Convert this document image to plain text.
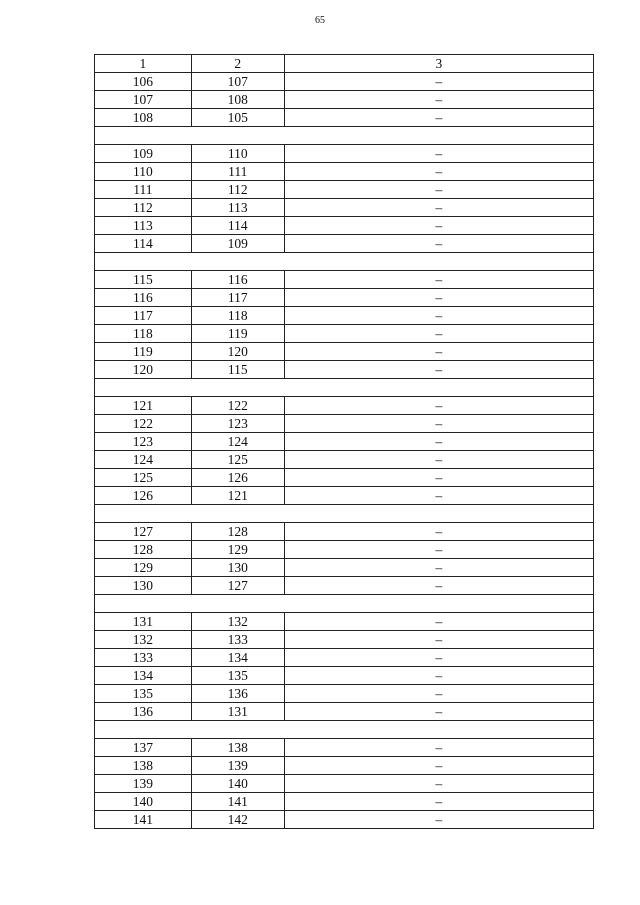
65
1	2	3
106	107	–
107	108	–
108	105	–

109	110	–
110	111	–
111	112	–
112	113	–
113	114	–
114	109	–

115	116	–
116	117	–
117	118	–
118	119	–
119	120	–
120	115	–

121	122	–
122	123	–
123	124	–
124	125	–
125	126	–
126	121	–

127	128	–
128	129	–
129	130	–
130	127	–

131	132	–
132	133	–
133	134	–
134	135	–
135	136	–
136	131	–

137	138	–
138	139	–
139	140	–
140	141	–
141	142	–
